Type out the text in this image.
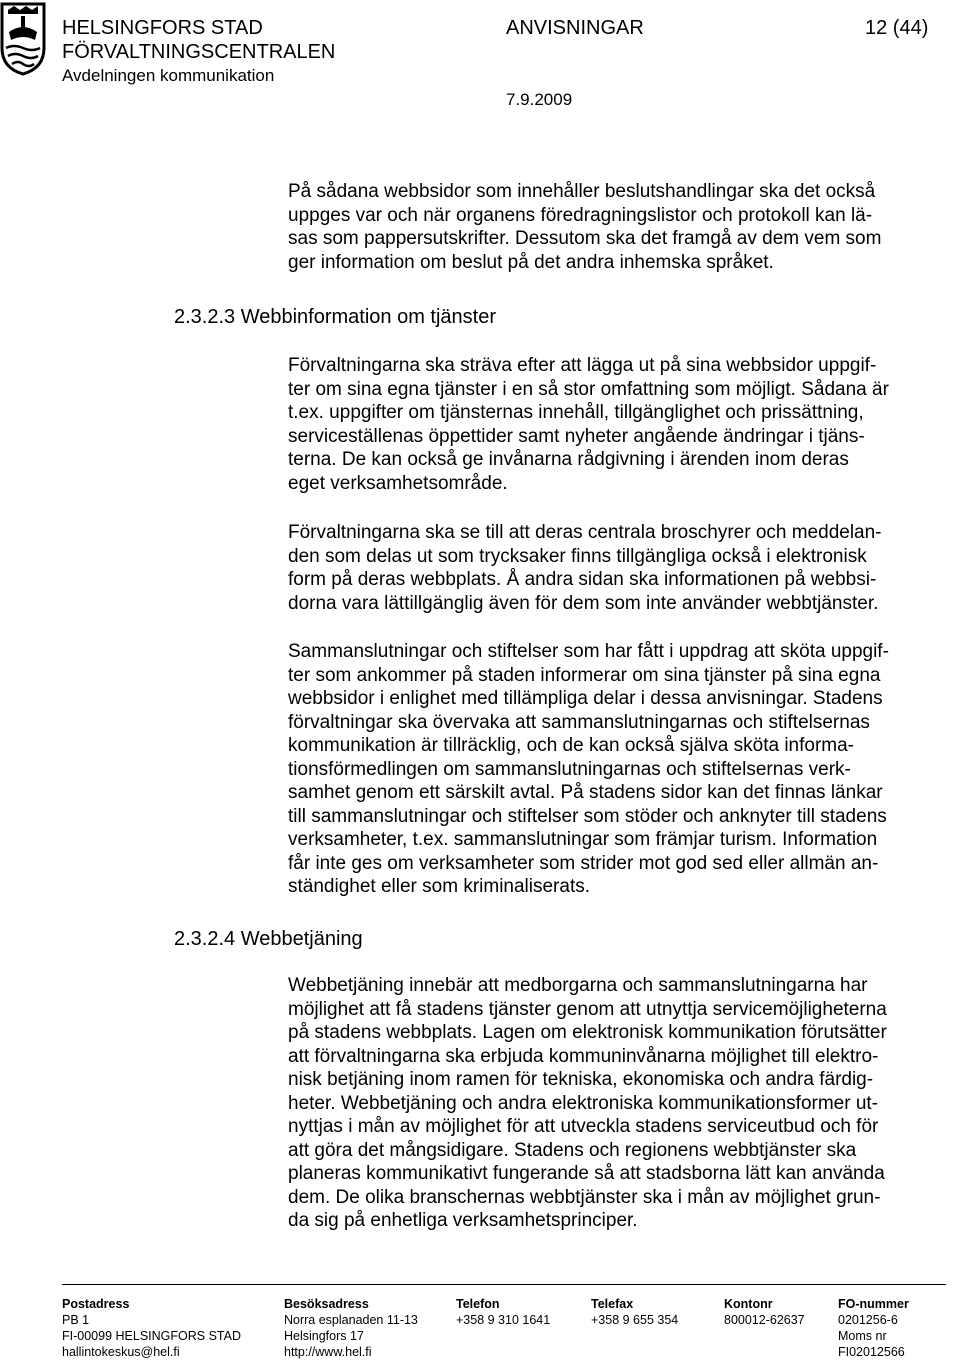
HELSINGFORS STAD
FÖRVALTNINGSCENTRALEN
Avdelningen kommunikation
ANVISNINGAR	12 (44)
7.9.2009
På sådana webbsidor som innehåller beslutshandlingar ska det också
uppges var och när organens föredragningslistor och protokoll kan lä-
sas som pappersutskrifter. Dessutom ska det framgå av dem vem som
ger information om beslut på det andra inhemska språket.
2.3.2.3 Webbinformation om tjänster
Förvaltningarna ska sträva efter att lägga ut på sina webbsidor uppgif-
ter om sina egna tjänster i en så stor omfattning som möjligt. Sådana är
t.ex. uppgifter om tjänsternas innehåll, tillgänglighet och prissättning,
serviceställenas öppettider samt nyheter angående ändringar i tjäns-
terna. De kan också ge invånarna rådgivning i ärenden inom deras
eget verksamhetsområde.
Förvaltningarna ska se till att deras centrala broschyrer och meddelan-
den som delas ut som trycksaker finns tillgängliga också i elektronisk
form på deras webbplats. Å andra sidan ska informationen på webbsi-
dorna vara lättillgänglig även för dem som inte använder webbtjänster.
Sammanslutningar och stiftelser som har fått i uppdrag att sköta uppgif-
ter som ankommer på staden informerar om sina tjänster på sina egna
webbsidor i enlighet med tillämpliga delar i dessa anvisningar. Stadens
förvaltningar ska övervaka att sammanslutningarnas och stiftelsernas
kommunikation är tillräcklig, och de kan också själva sköta informa-
tionsförmedlingen om sammanslutningarnas och stiftelsernas verk-
samhet genom ett särskilt avtal. På stadens sidor kan det finnas länkar
till sammanslutningar och stiftelser som stöder och anknyter till stadens
verksamheter, t.ex. sammanslutningar som främjar turism. Information
får inte ges om verksamheter som strider mot god sed eller allmän an-
ständighet eller som kriminaliserats.
2.3.2.4 Webbetjäning
Webbetjäning innebär att medborgarna och sammanslutningarna har
möjlighet att få stadens tjänster genom att utnyttja servicemöjligheterna
på stadens webbplats. Lagen om elektronisk kommunikation förutsätter
att förvaltningarna ska erbjuda kommuninvånarna möjlighet till elektro-
nisk betjäning inom ramen för tekniska, ekonomiska och andra färdig-
heter. Webbetjäning och andra elektroniska kommunikationsformer ut-
nyttjas i mån av möjlighet för att utveckla stadens serviceutbud och för
att göra det mångsidigare. Stadens och regionens webbtjänster ska
planeras kommunikativt fungerande så att stadsborna lätt kan använda
dem. De olika branschernas webbtjänster ska i mån av möjlighet grun-
da sig på enhetliga verksamhetsprinciper.
Postadress
PB 1
FI-00099 HELSINGFORS STAD
hallintokeskus@hel.fi
Besöksadress
Norra esplanaden 11-13
Helsingfors 17
http://www.hel.fi
Telefon
+358 9 310 1641
Telefax
+358 9 655 354
Kontonr
800012-62637
FO-nummer
0201256-6
Moms nr
FI02012566
